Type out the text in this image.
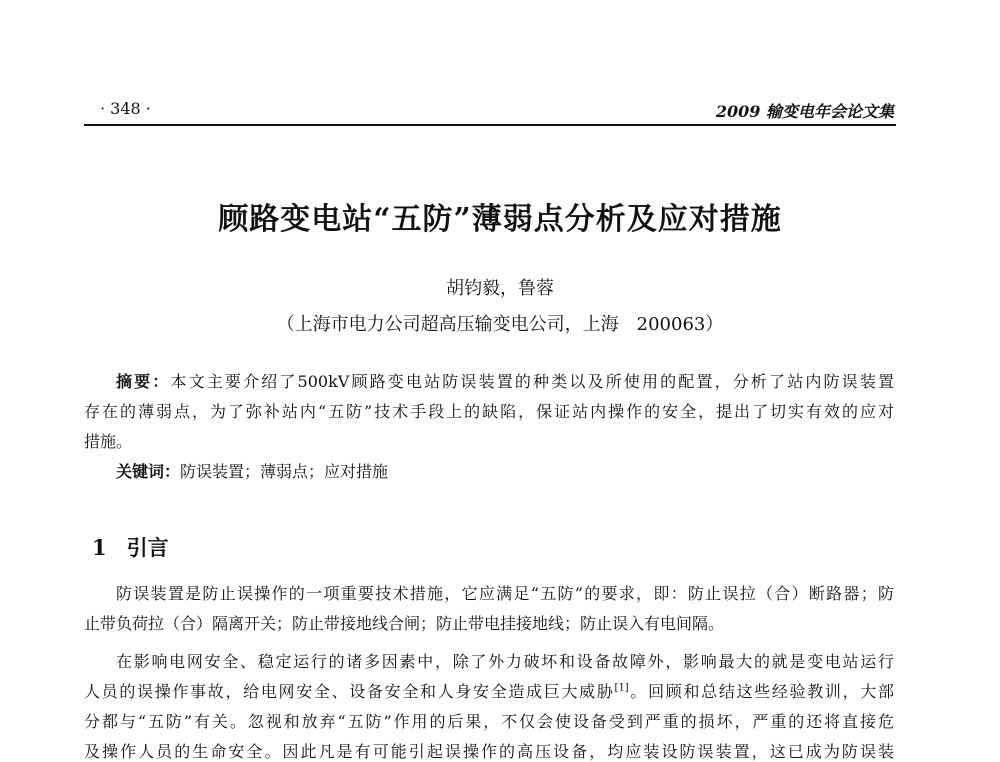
· 348 ·	2009 输变电年会论文集
顾路变电站“五防”薄弱点分析及应对措施
胡钧毅，鲁蓉
（上海市电力公司超高压输变电公司，上海　200063）
摘要：本文主要介绍了500kV顾路变电站防误装置的种类以及所使用的配置，分析了站内防误装置
存在的薄弱点，为了弥补站内“五防”技术手段上的缺陷，保证站内操作的安全，提出了切实有效的应对
措施。
关键词：防误装置；薄弱点；应对措施
1 引言
防误装置是防止误操作的一项重要技术措施，它应满足“五防”的要求，即：防止误拉（合）断路器；防
止带负荷拉（合）隔离开关；防止带接地线合闸；防止带电挂接地线；防止误入有电间隔。
在影响电网安全、稳定运行的诸多因素中，除了外力破坏和设备故障外，影响最大的就是变电站运行
人员的误操作事故，给电网安全、设备安全和人身安全造成巨大威胁[1]。回顾和总结这些经验教训，大部
分都与“五防”有关。忽视和放弃“五防”作用的后果，不仅会使设备受到严重的损坏，严重的还将直接危
及操作人员的生命安全。因此凡是有可能引起误操作的高压设备，均应装设防误装置，这已成为防误装
